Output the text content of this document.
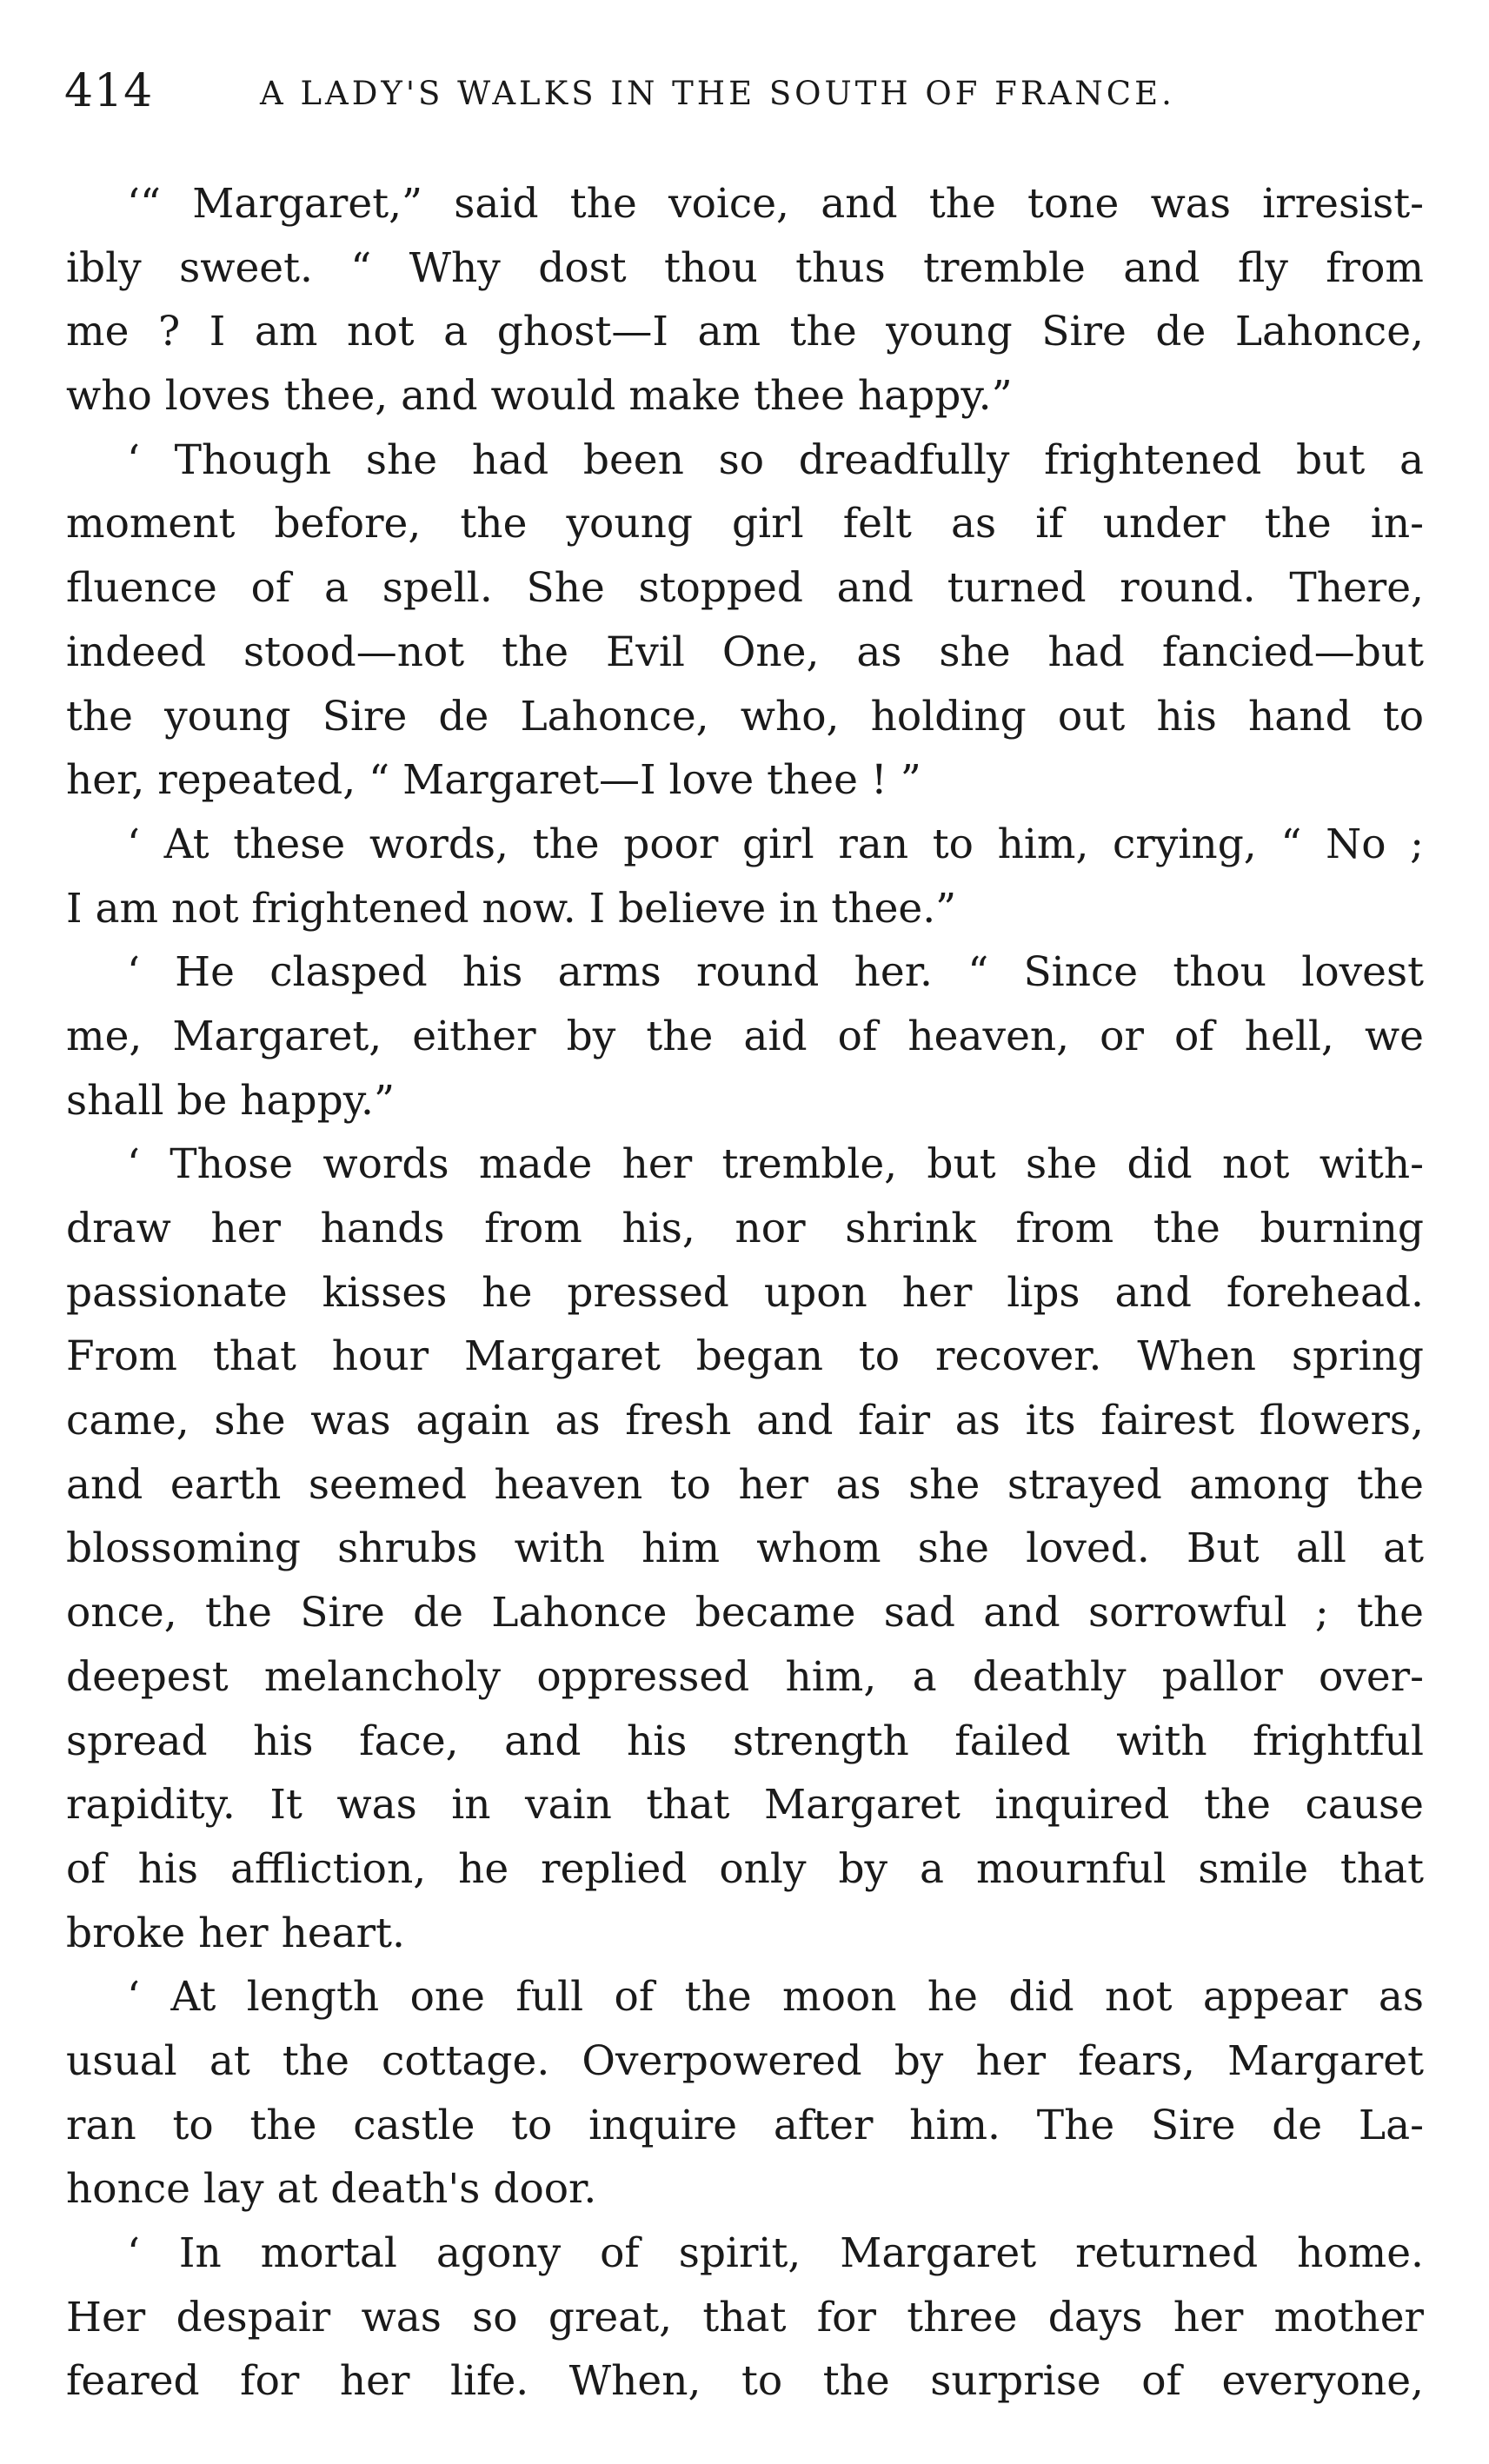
414	A LADY'S WALKS IN THE SOUTH OF FRANCE.
‘“ Margaret,” said the voice, and the tone was irresist-
ibly sweet. “ Why dost thou thus tremble and fly from
me ? I am not a ghost—I am the young Sire de Lahonce,
who loves thee, and would make thee happy.”
‘ Though she had been so dreadfully frightened but a
moment before, the young girl felt as if under the in-
fluence of a spell. She stopped and turned round. There,
indeed stood—not the Evil One, as she had fancied—but
the young Sire de Lahonce, who, holding out his hand to
her, repeated, “ Margaret—I love thee ! ”
‘ At these words, the poor girl ran to him, crying, “ No ;
I am not frightened now. I believe in thee.”
‘ He clasped his arms round her. “ Since thou lovest
me, Margaret, either by the aid of heaven, or of hell, we
shall be happy.”
‘ Those words made her tremble, but she did not with-
draw her hands from his, nor shrink from the burning
passionate kisses he pressed upon her lips and forehead.
From that hour Margaret began to recover. When spring
came, she was again as fresh and fair as its fairest flowers,
and earth seemed heaven to her as she strayed among the
blossoming shrubs with him whom she loved. But all at
once, the Sire de Lahonce became sad and sorrowful ; the
deepest melancholy oppressed him, a deathly pallor over-
spread his face, and his strength failed with frightful
rapidity. It was in vain that Margaret inquired the cause
of his affliction, he replied only by a mournful smile that
broke her heart.
‘ At length one full of the moon he did not appear as
usual at the cottage. Overpowered by her fears, Margaret
ran to the castle to inquire after him. The Sire de La-
honce lay at death's door.
‘ In mortal agony of spirit, Margaret returned home.
Her despair was so great, that for three days her mother
feared for her life. When, to the surprise of everyone,
